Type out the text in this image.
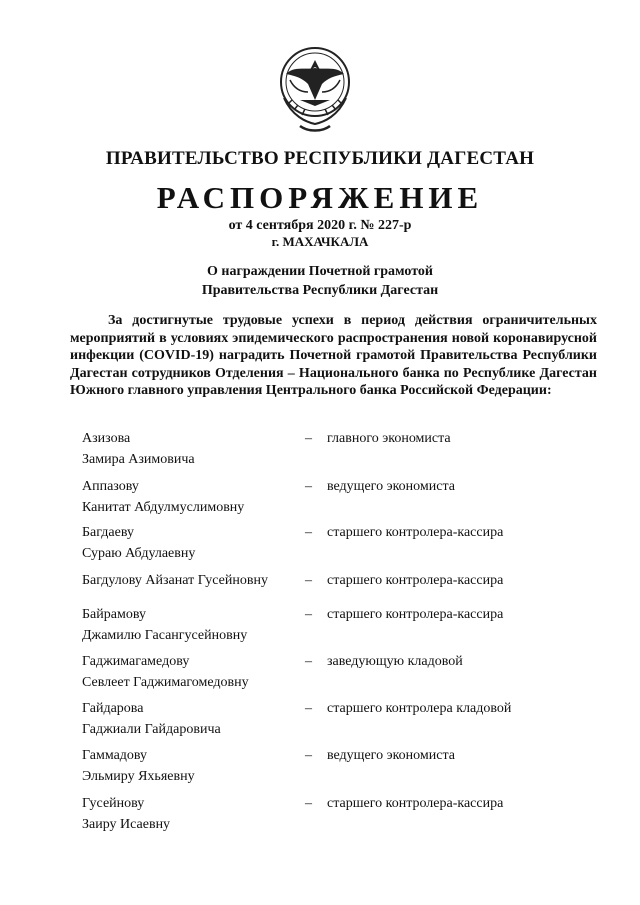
ПРАВИТЕЛЬСТВО РЕСПУБЛИКИ ДАГЕСТАН
РАСПОРЯЖЕНИЕ
от 4 сентября 2020 г. № 227-р
г. МАХАЧКАЛА
О награждении Почетной грамотой
Правительства Республики Дагестан
За достигнутые трудовые успехи в период действия ограничительных мероприятий в условиях эпидемического распространения новой коронавирусной инфекции (COVID-19) наградить Почетной грамотой Правительства Республики Дагестан сотрудников Отделения – Национального банка по Республике Дагестан Южного главного управления Центрального банка Российской Федерации:
Азизова
Замира Азимовича
– главного экономиста
Аппазову
Канитат Абдулмуслимовну
– ведущего экономиста
Багдаеву
Сураю Абдулаевну
– старшего контролера-кассира
Багдулову Айзанат Гусейновну	– старшего контролера-кассира
Байрамову
Джамилю Гасангусейновну
– старшего контролера-кассира
Гаджимагамедову
Севлеет Гаджимагомедовну
– заведующую кладовой
Гайдарова
Гаджиали Гайдаровича
– старшего контролера кладовой
Гаммадову
Эльмиру Яхьяевну
– ведущего экономиста
Гусейнову
Заиру Исаевну
– старшего контролера-кассира
